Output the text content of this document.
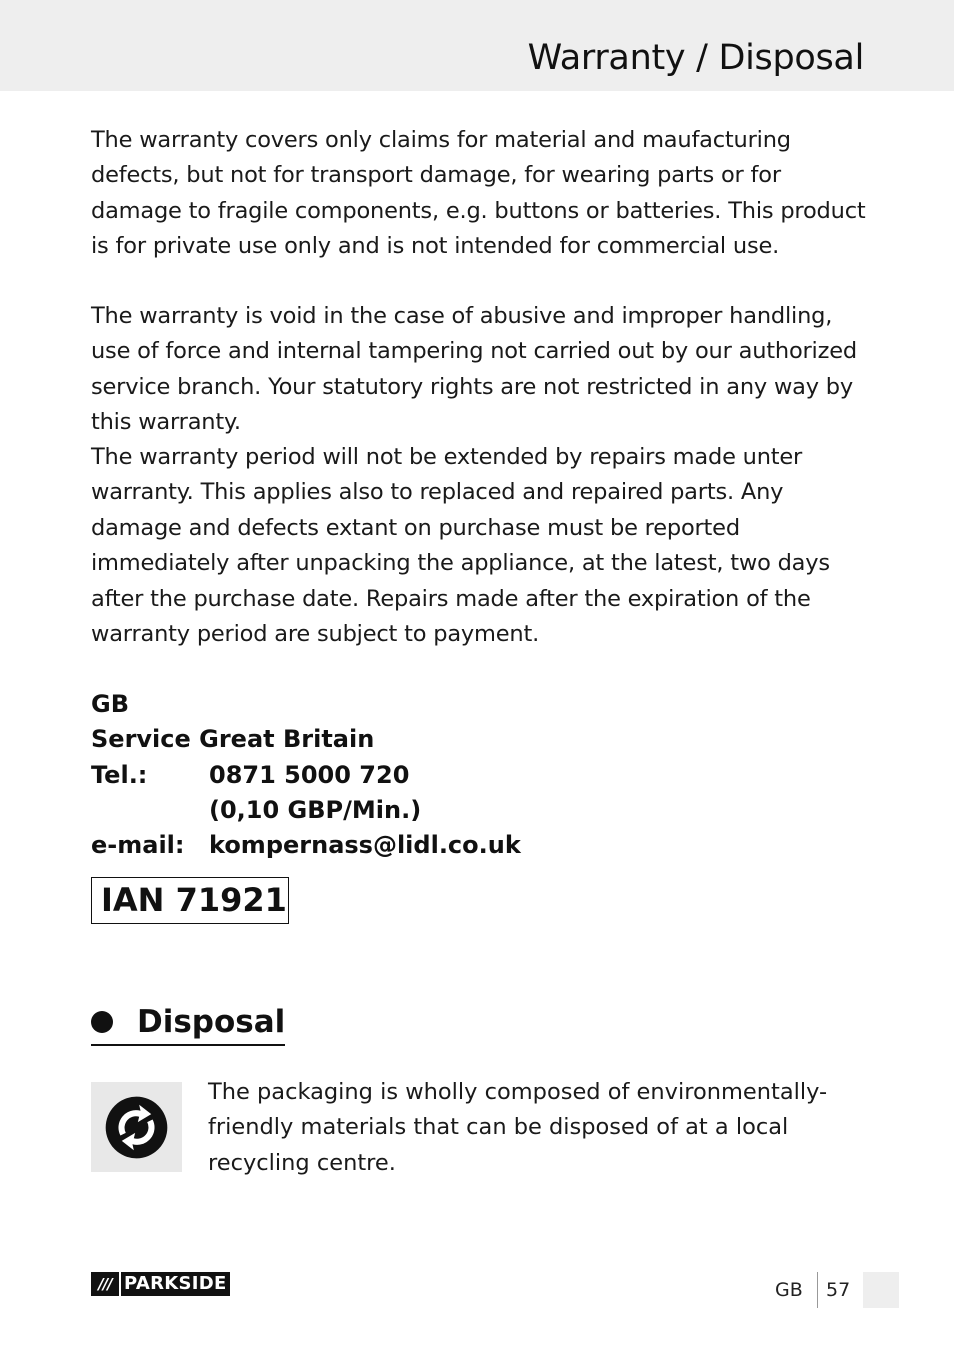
Warranty / Disposal

The warranty covers only claims for material and maufacturing defects, but not for transport damage, for wearing parts or for damage to fragile components, e.g. buttons or batteries. This product is for private use only and is not intended for commercial use.

The warranty is void in the case of abusive and improper handling, use of force and internal tampering not carried out by our authorized service branch. Your statutory rights are not restricted in any way by this warranty.

The warranty period will not be extended by repairs made unter warranty. This applies also to replaced and repaired parts. Any damage and defects extant on purchase must be reported immediately after unpacking the appliance, at the latest, two days after the purchase date. Repairs made after the expiration of the warranty period are subject to payment.

GB
Service Great Britain
Tel.:	0871 5000 720
(0,10 GBP/Min.)
e-mail:	kompernass@lidl.co.uk
IAN 71921
Disposal

The packaging is wholly composed of environmentally-friendly materials that can be disposed of at a local recycling centre.

/// PARKSIDE	GB 57
